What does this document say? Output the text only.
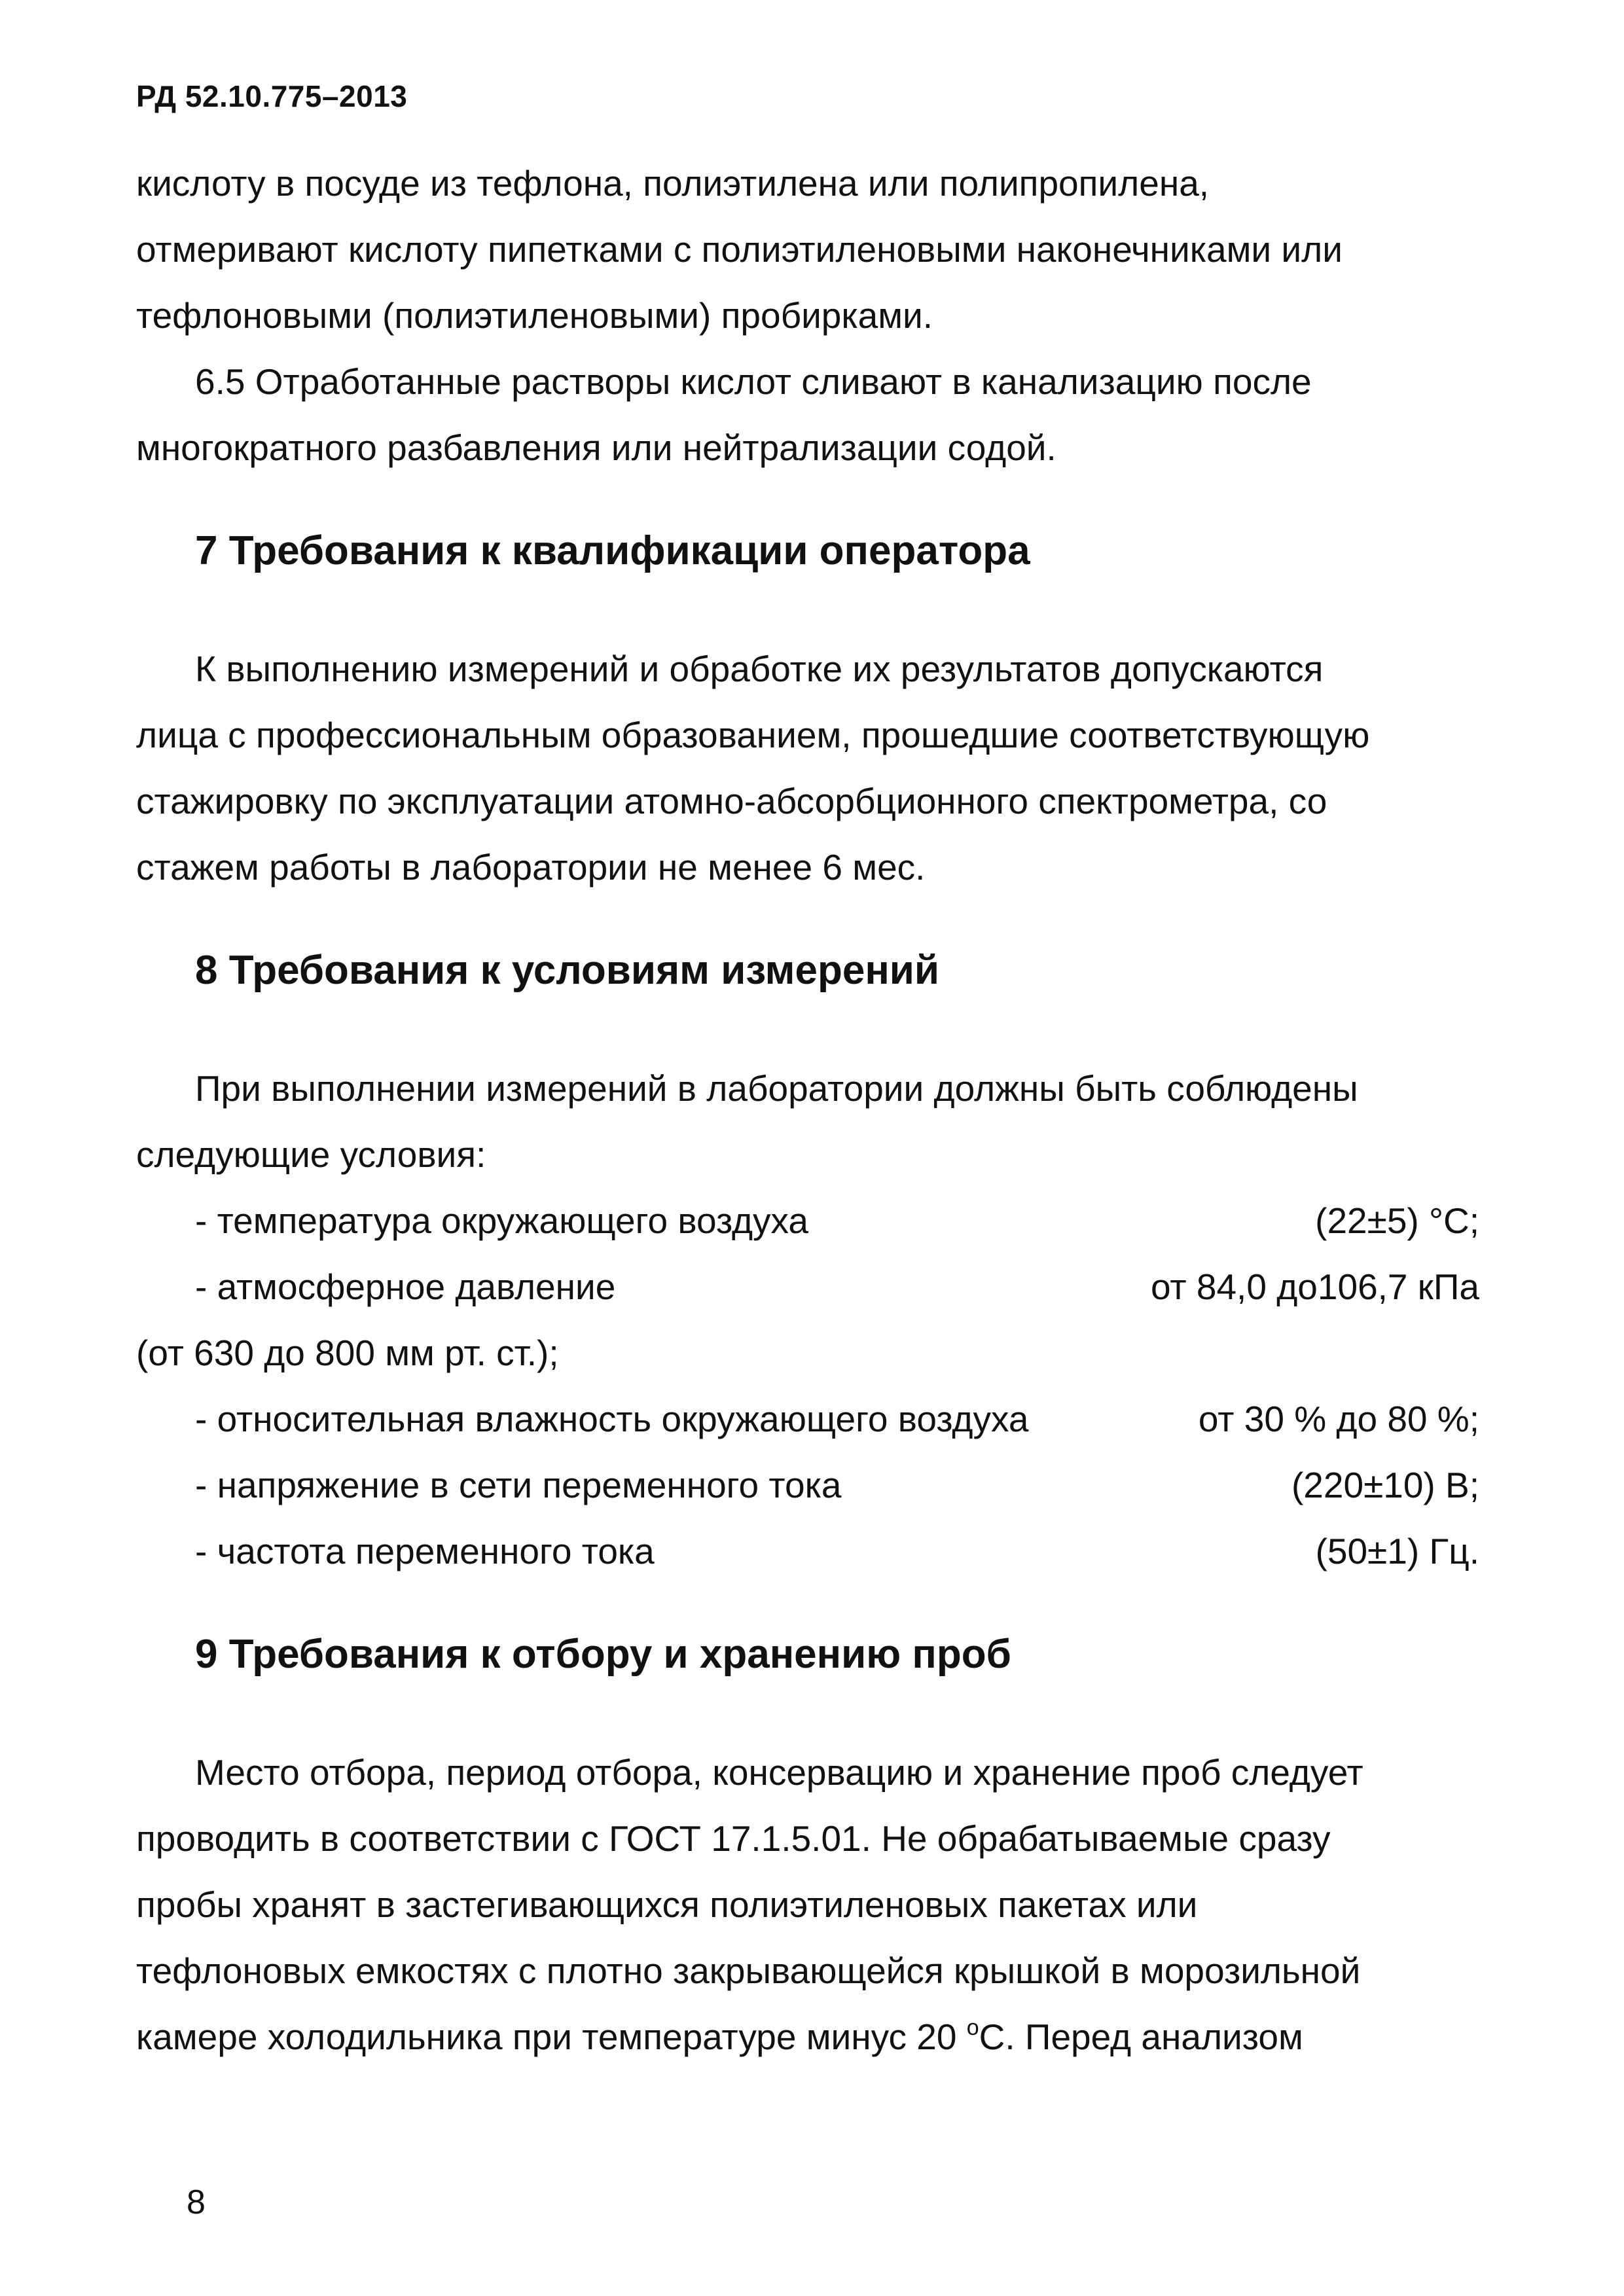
РД 52.10.775–2013
кислоту в посуде из тефлона, полиэтилена или полипропилена,
отмеривают кислоту пипетками с полиэтиленовыми наконечниками или
тефлоновыми (полиэтиленовыми) пробирками.
6.5 Отработанные растворы кислот сливают в канализацию после
многократного разбавления или нейтрализации содой.
7 Требования к квалификации оператора
К выполнению измерений и обработке их результатов допускаются
лица с профессиональным образованием, прошедшие соответствующую
стажировку по эксплуатации атомно-абсорбционного спектрометра, со
стажем работы в лаборатории не менее 6 мес.
8 Требования к условиям измерений
При выполнении измерений в лаборатории должны быть соблюдены
следующие условия:
- температура окружающего воздуха	(22±5) °С;
- атмосферное давление	от 84,0 до106,7 кПа
(от 630 до 800 мм рт. ст.);
- относительная влажность окружающего воздуха	от 30 % до 80 %;
- напряжение в сети переменного тока	(220±10) В;
- частота переменного тока	(50±1) Гц.
9 Требования к отбору и хранению проб
Место отбора, период отбора, консервацию и хранение проб следует
проводить в соответствии с ГОСТ 17.1.5.01. Не обрабатываемые сразу
пробы хранят в застегивающихся полиэтиленовых пакетах или
тефлоновых емкостях с плотно закрывающейся крышкой в морозильной
камере холодильника при температуре минус 20 $^о$С. Перед анализом
8
